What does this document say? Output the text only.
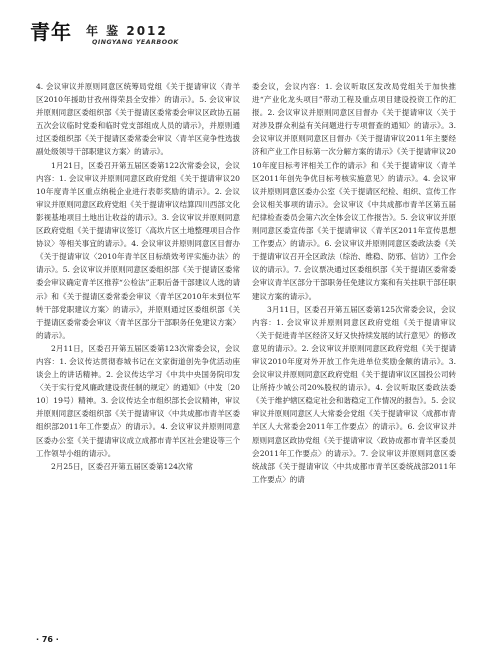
青年 年 鉴 2012
QINGYANG YEARBOOK

4. 会议审议并原则同意区统筹局党组《关于提请审议〈青羊区2010年援助甘孜州得荣县全安排〉的请示》。5. 会议审议并原则同意区委组织部《关于提请区委常委会审议区政协五届五次会议临时党委和临时党支部组成人员的请示》，并原则通过区委组织部《关于提请区委常委会审议〈青羊区竞争性选拔副处级领导干部职建议方案〉的请示》。

1月21日，区委召开第五届区委第122次常委会议，会议内容：1. 会议审议并原则同意区政府党组《关于提请审议2010年度青羊区重点纳税企业进行表彰奖励的请示》。2. 会议审议并原则同意区政府党组《关于提请审议结算四川西部文化影视基地项目土地出让收益的请示》。3. 会议审议并原则同意区政府党组《关于提请审议签订〈高坎片区土地整理项目合作协议〉等相关事宜的请示》。4. 会议审议并原则同意区目督办《关于提请审议〈2010年青羊区目标绩效考评实施办法〉的请示》。5. 会议审议并原则同意区委组织部《关于提请区委常委会审议确定青羊区推荐“公检法”正职后备干部建议人选的请示》和《关于提请区委常委会审议〈青羊区2010年未到位军转干部党职建议方案〉的请示》，并原则通过区委组织部《关于提请区委常委会审议〈青羊区部分干部职务任免建议方案〉的请示》。

2月11日，区委召开第五届区委第123次常委会议，会议内容：1. 会议传达贯彻春城书记在文家街道创先争优活动座谈会上的讲话精神。2. 会议传达学习《中共中央国务院印发〈关于实行党风廉政建设责任制的规定〉的通知》（中发〔2010〕19号）精神。3. 会议传达全市组织部长会议精神，审议并原则同意区委组织部《关于提请审议〈中共成都市青羊区委组织部2011年工作要点〉的请示》。4. 会议审议并原则同意区委办公室《关于提请审议成立成都市青羊区社会建设等三个工作领导小组的请示》。

2月25日，区委召开第五届区委第124次常

委会议，会议内容：1. 会议听取区发改局党组关于加快推进“产业化龙头项目”带动工程及重点项目建设投资工作的汇报。2. 会议审议并原则同意区目督办《关于提请审议〈关于对渉及群众利益有关问题进行专项督查的通知〉的请示》。3. 会议审议并原则同意区目督办《关于提请审议2011年主要经济和产业工作目标第一次分解方案的请示》《关于提请审议2010年度目标考评相关工作的请示》和《关于提请审议〈青羊区2011年创先争优目标考核实施意见〉的请示》。4. 会议审议并原则同意区委办公室《关于提请区纪检、组织、宣传工作会议相关事项的请示》。会议审议《中共成都市青羊区第五届纪律检查委员会第六次全体会议工作报告》。5. 会议审议并原则同意区委宣传部《关于提请审议〈青羊区2011年宣传思想工作要点〉的请示》。6. 会议审议并原则同意区委政法委《关于提请审议召开全区政法（综治、维稳、防邪、信访）工作会议的请示》。7. 会议票决通过区委组织部《关于提请区委常委会审议青羊区部分干部职务任免建议方案和有关挂职干部任职建议方案的请示》。

3月11日，区委召开第五届区委第125次常委会议，会议内容：1. 会议审议并原则同意区政府党组《关于提请审议〈关于促进青羊区经济又好又快持续发展的试行意见〉的修改意见的请示》。2. 会议审议并原则同意区政府党组《关于提请审议2010年度对外开放工作先进单位奖励金额的请示》。3. 会议审议并原则同意区政府党组《关于提请审议区国投公司转让所持少城公司20%股权的请示》。4. 会议听取区委政法委《关于维护辖区稳定社会和谐稳定工作情况的报告》。5. 会议审议并原则同意区人大常委会党组《关于提请审议〈成都市青羊区人大常委会2011年工作要点〉的请示》。6. 会议审议并原则同意区政协党组《关于提请审议〈政协成都市青羊区委员会2011年工作要点〉的请示》。7. 会议审议并原则同意区委统战部《关于提请审议〈中共成都市青羊区委统战部2011年工作要点〉的请

· 76 ·
